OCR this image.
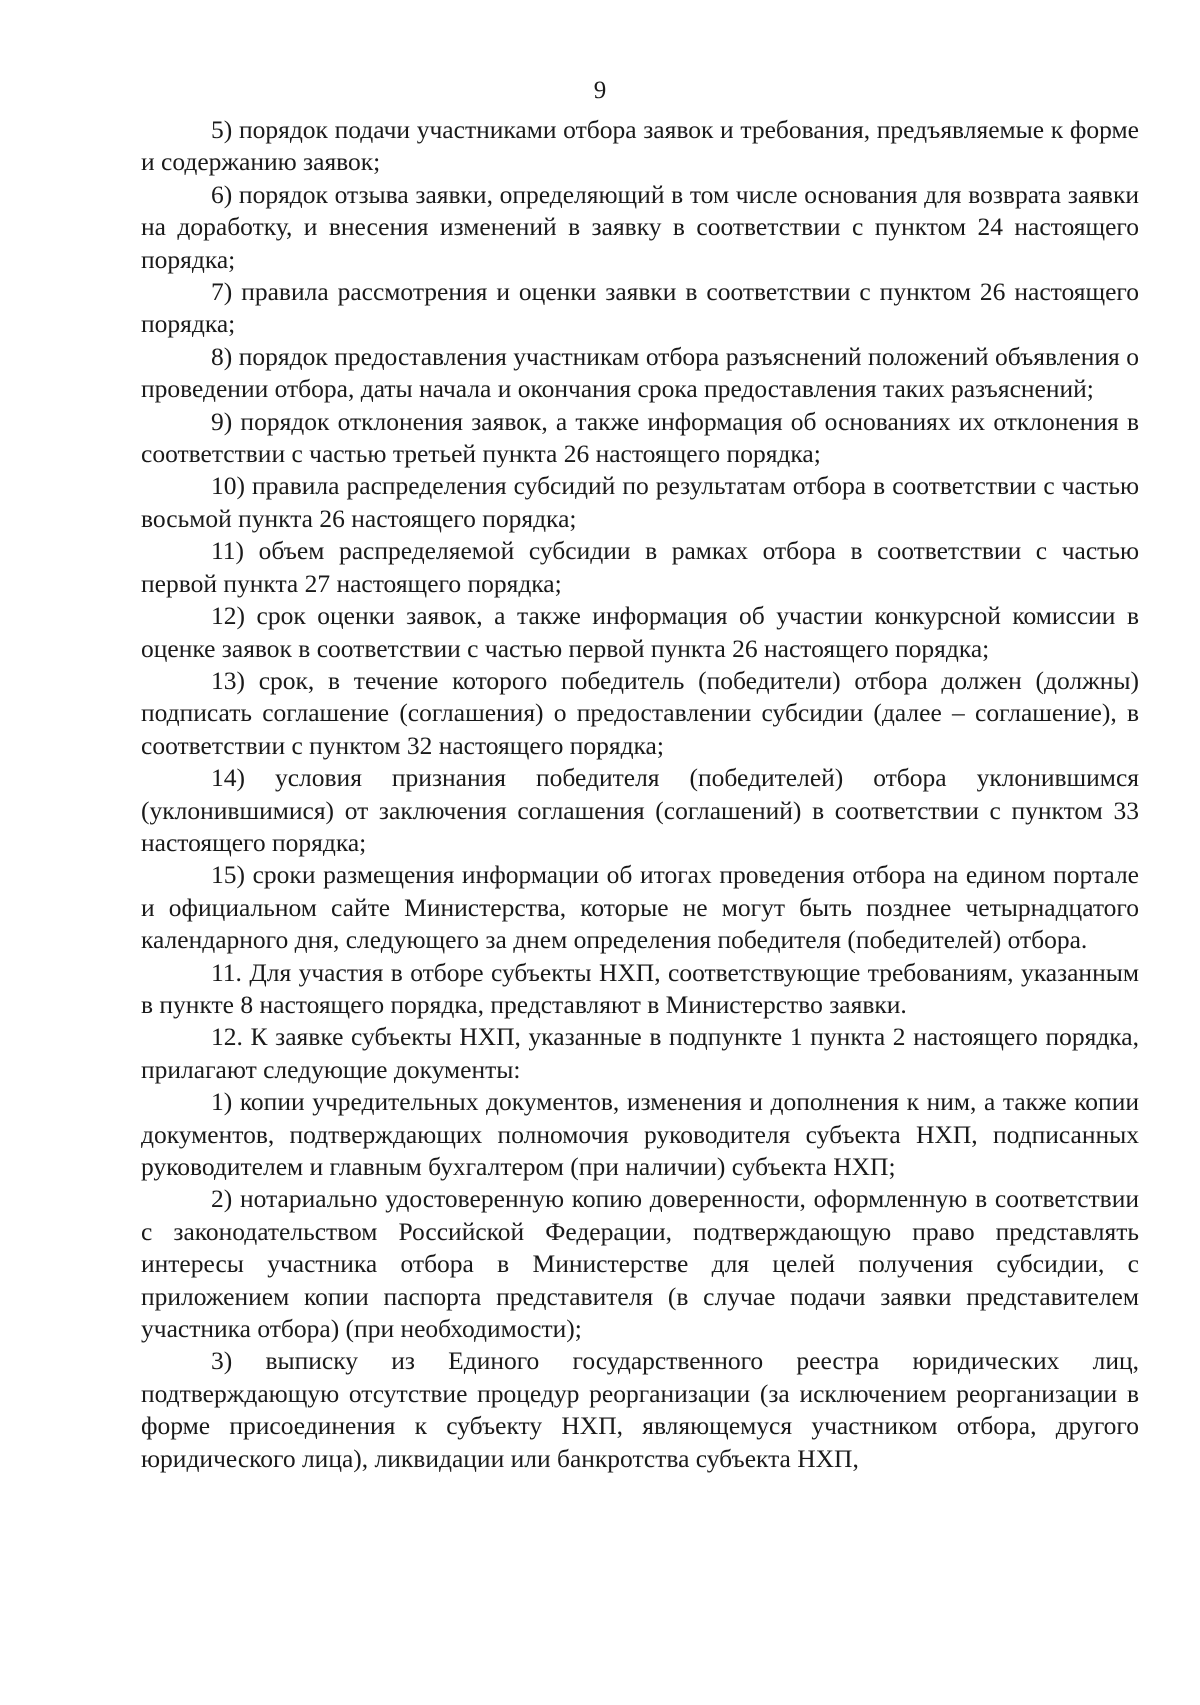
9

5) порядок подачи участниками отбора заявок и требования, предъявляемые к форме и содержанию заявок;

6) порядок отзыва заявки, определяющий в том числе основания для возврата заявки на доработку, и внесения изменений в заявку в соответствии с пунктом 24 настоящего порядка;

7) правила рассмотрения и оценки заявки в соответствии с пунктом 26 настоящего порядка;

8) порядок предоставления участникам отбора разъяснений положений объявления о проведении отбора, даты начала и окончания срока предоставления таких разъяснений;

9) порядок отклонения заявок, а также информация об основаниях их отклонения в соответствии с частью третьей пункта 26 настоящего порядка;

10) правила распределения субсидий по результатам отбора в соответствии с частью восьмой пункта 26 настоящего порядка;

11) объем распределяемой субсидии в рамках отбора в соответствии с частью первой пункта 27 настоящего порядка;

12) срок оценки заявок, а также информация об участии конкурсной комиссии в оценке заявок в соответствии с частью первой пункта 26 настоящего порядка;

13) срок, в течение которого победитель (победители) отбора должен (должны) подписать соглашение (соглашения) о предоставлении субсидии (далее – соглашение), в соответствии с пунктом 32 настоящего порядка;

14) условия признания победителя (победителей) отбора уклонившимся (уклонившимися) от заключения соглашения (соглашений) в соответствии с пунктом 33 настоящего порядка;

15) сроки размещения информации об итогах проведения отбора на едином портале и официальном сайте Министерства, которые не могут быть позднее четырнадцатого календарного дня, следующего за днем определения победителя (победителей) отбора.

11. Для участия в отборе субъекты НХП, соответствующие требованиям, указанным в пункте 8 настоящего порядка, представляют в Министерство заявки.

12. К заявке субъекты НХП, указанные в подпункте 1 пункта 2 настоящего порядка, прилагают следующие документы:

1) копии учредительных документов, изменения и дополнения к ним, а также копии документов, подтверждающих полномочия руководителя субъекта НХП, подписанных руководителем и главным бухгалтером (при наличии) субъекта НХП;

2) нотариально удостоверенную копию доверенности, оформленную в соответствии с законодательством Российской Федерации, подтверждающую право представлять интересы участника отбора в Министерстве для целей получения субсидии, с приложением копии паспорта представителя (в случае подачи заявки представителем участника отбора) (при необходимости);

3) выписку из Единого государственного реестра юридических лиц, подтверждающую отсутствие процедур реорганизации (за исключением реорганизации в форме присоединения к субъекту НХП, являющемуся участником отбора, другого юридического лица), ликвидации или банкротства субъекта НХП,
